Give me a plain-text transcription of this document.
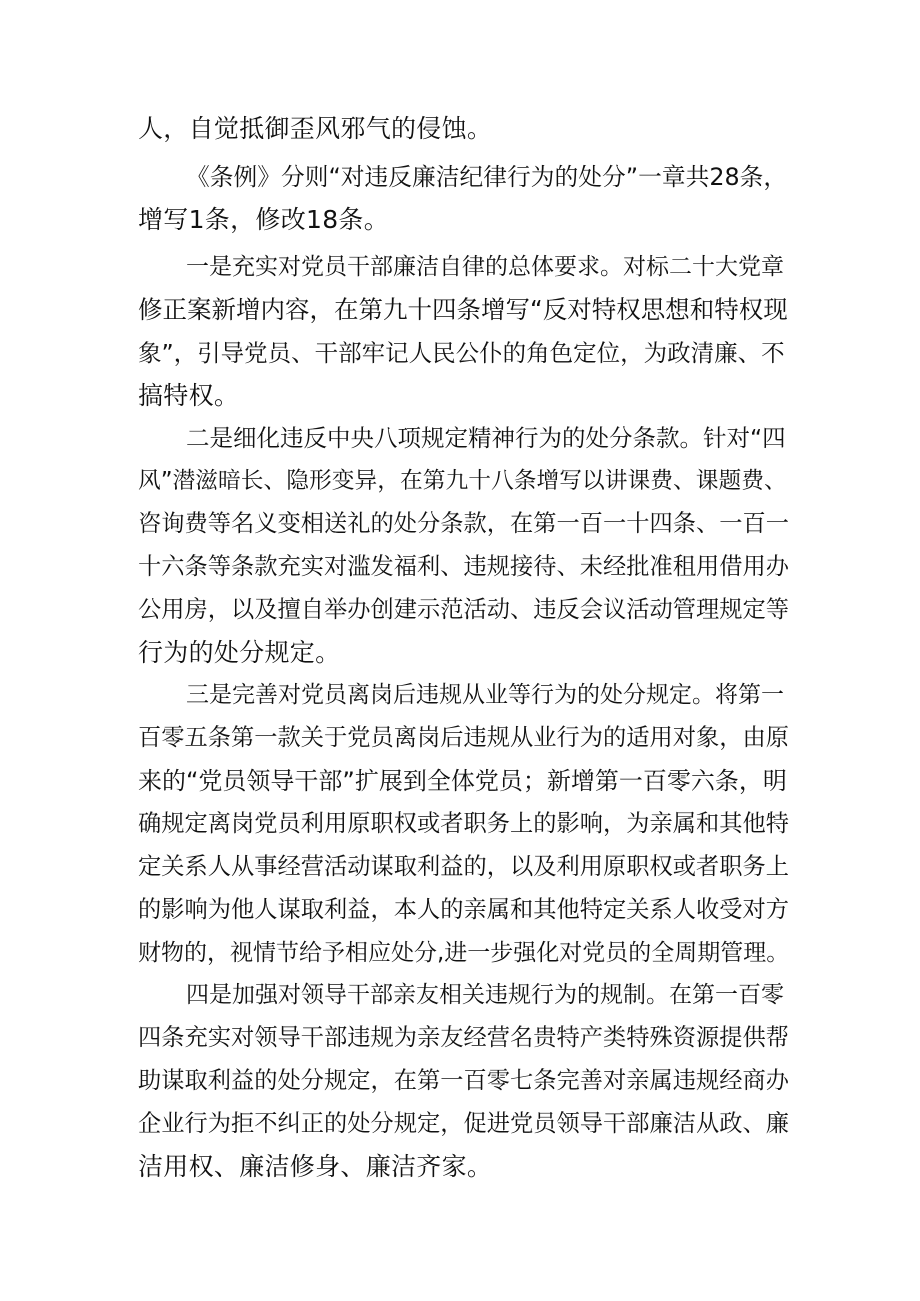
人，自觉抵御歪风邪气的侵蚀。

《条例》分则“对违反廉洁纪律行为的处分”一章共28条，

增写1条，修改18条。

一是充实对党员干部廉洁自律的总体要求。对标二十大党章

修正案新增内容，在第九十四条增写“反对特权思想和特权现

象”，引导党员、干部牢记人民公仆的角色定位，为政清廉、不

搞特权。

二是细化违反中央八项规定精神行为的处分条款。针对“四

风”潜滋暗长、隐形变异，在第九十八条增写以讲课费、课题费、

咨询费等名义变相送礼的处分条款，在第一百一十四条、一百一

十六条等条款充实对滥发福利、违规接待、未经批准租用借用办

公用房，以及擅自举办创建示范活动、违反会议活动管理规定等

行为的处分规定。

三是完善对党员离岗后违规从业等行为的处分规定。将第一

百零五条第一款关于党员离岗后违规从业行为的适用对象，由原

来的“党员领导干部”扩展到全体党员；新增第一百零六条，明

确规定离岗党员利用原职权或者职务上的影响，为亲属和其他特

定关系人从事经营活动谋取利益的，以及利用原职权或者职务上

的影响为他人谋取利益，本人的亲属和其他特定关系人收受对方

财物的，视情节给予相应处分,进一步强化对党员的全周期管理。

四是加强对领导干部亲友相关违规行为的规制。在第一百零

四条充实对领导干部违规为亲友经营名贵特产类特殊资源提供帮

助谋取利益的处分规定，在第一百零七条完善对亲属违规经商办

企业行为拒不纠正的处分规定，促进党员领导干部廉洁从政、廉

洁用权、廉洁修身、廉洁齐家。
